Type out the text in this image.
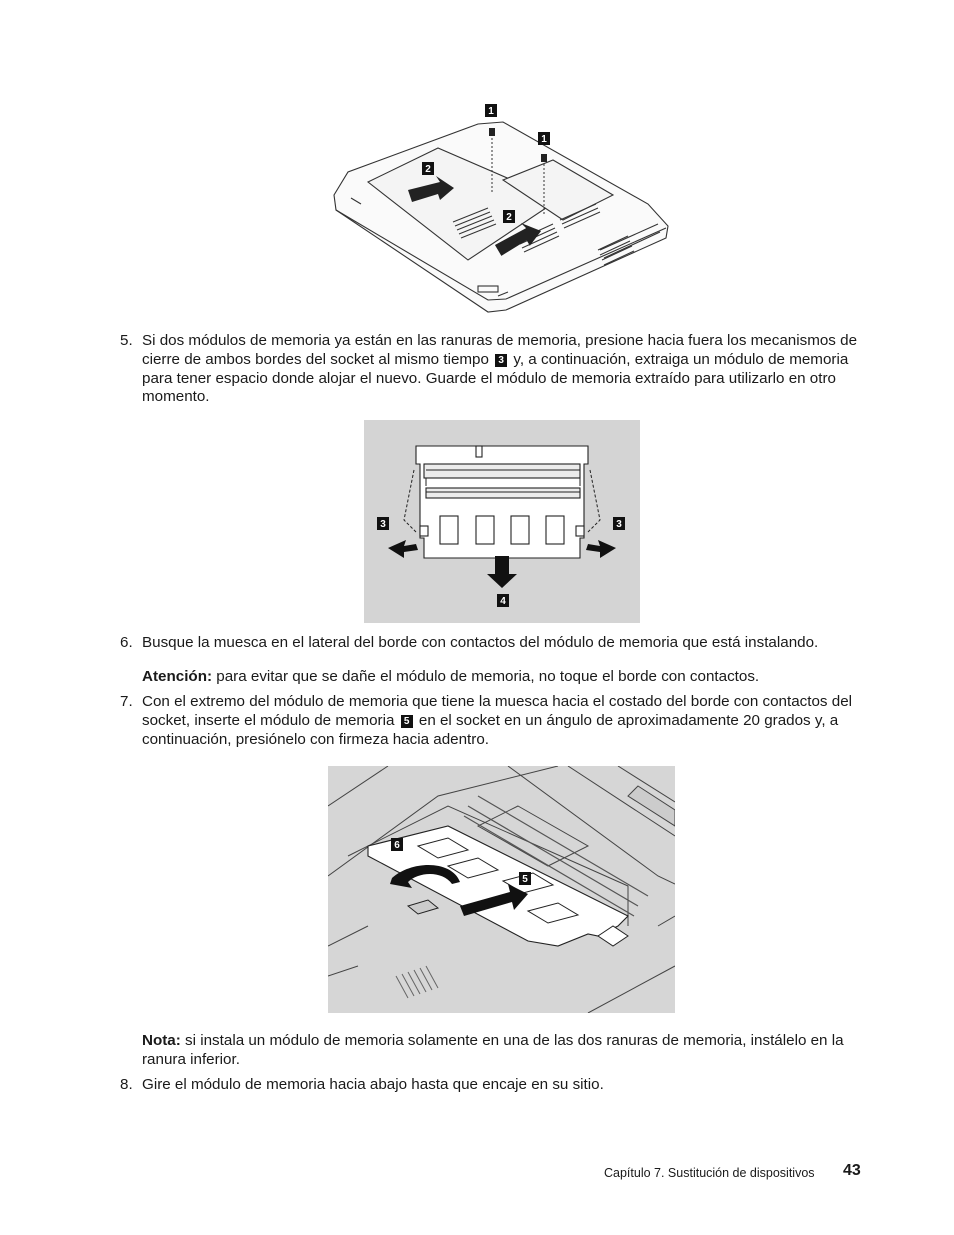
1
1
2
2
5. Si dos módulos de memoria ya están en las ranuras de memoria, presione hacia fuera los mecanismos de cierre de ambos bordes del socket al mismo tiempo 3 y, a continuación, extraiga un módulo de memoria para tener espacio donde alojar el nuevo. Guarde el módulo de memoria extraído para utilizarlo en otro momento.
3	3
4
6. Busque la muesca en el lateral del borde con contactos del módulo de memoria que está instalando.
Atención: para evitar que se dañe el módulo de memoria, no toque el borde con contactos.
7. Con el extremo del módulo de memoria que tiene la muesca hacia el costado del borde con contactos del socket, inserte el módulo de memoria 5 en el socket en un ángulo de aproximadamente 20 grados y, a continuación, presiónelo con firmeza hacia adentro.
6
5
Nota: si instala un módulo de memoria solamente en una de las dos ranuras de memoria, instálelo en la ranura inferior.
8. Gire el módulo de memoria hacia abajo hasta que encaje en su sitio.
Capítulo 7. Sustitución de dispositivos 43
